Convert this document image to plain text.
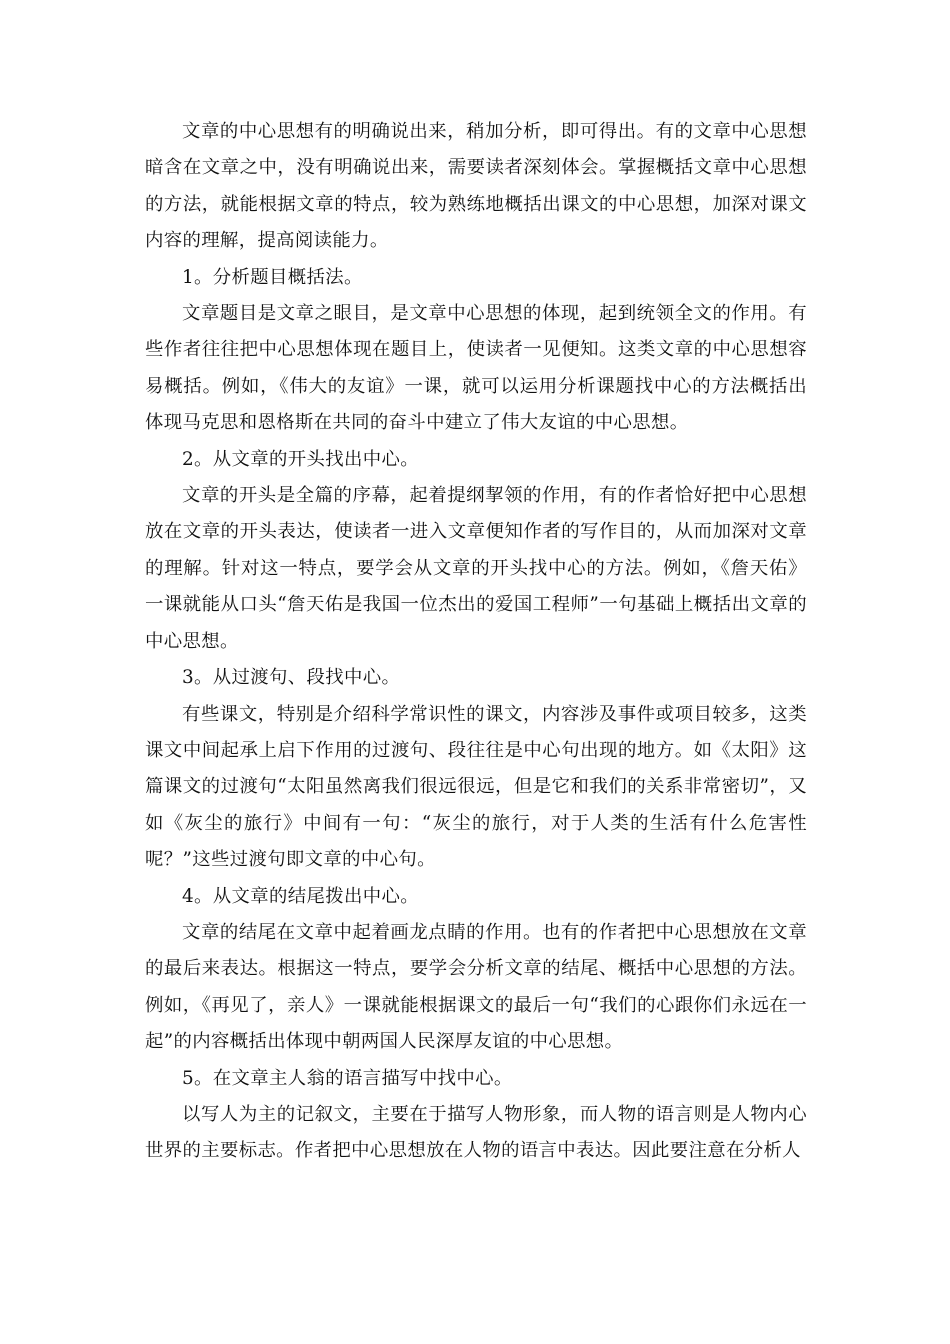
文章的中心思想有的明确说出来，稍加分析，即可得出。有的文章中心思想暗含在文章之中，没有明确说出来，需要读者深刻体会。掌握概括文章中心思想的方法，就能根据文章的特点，较为熟练地概括出课文的中心思想，加深对课文内容的理解，提高阅读能力。

1。分析题目概括法。

文章题目是文章之眼目，是文章中心思想的体现，起到统领全文的作用。有些作者往往把中心思想体现在题目上，使读者一见便知。这类文章的中心思想容易概括。例如，《伟大的友谊》一课，就可以运用分析课题找中心的方法概括出体现马克思和恩格斯在共同的奋斗中建立了伟大友谊的中心思想。

2。从文章的开头找出中心。

文章的开头是全篇的序幕，起着提纲挈领的作用，有的作者恰好把中心思想放在文章的开头表达，使读者一进入文章便知作者的写作目的，从而加深对文章的理解。针对这一特点，要学会从文章的开头找中心的方法。例如，《詹天佑》一课就能从口头“詹天佑是我国一位杰出的爱国工程师”一句基础上概括出文章的中心思想。

3。从过渡句、段找中心。

有些课文，特别是介绍科学常识性的课文，内容涉及事件或项目较多，这类课文中间起承上启下作用的过渡句、段往往是中心句出现的地方。如《太阳》这篇课文的过渡句“太阳虽然离我们很远很远，但是它和我们的关系非常密切”，又如《灰尘的旅行》中间有一句：“灰尘的旅行，对于人类的生活有什么危害性呢？”这些过渡句即文章的中心句。

4。从文章的结尾拨出中心。

文章的结尾在文章中起着画龙点睛的作用。也有的作者把中心思想放在文章的最后来表达。根据这一特点，要学会分析文章的结尾、概括中心思想的方法。例如，《再见了，亲人》一课就能根据课文的最后一句“我们的心跟你们永远在一起”的内容概括出体现中朝两国人民深厚友谊的中心思想。

5。在文章主人翁的语言描写中找中心。

以写人为主的记叙文，主要在于描写人物形象，而人物的语言则是人物内心世界的主要标志。作者把中心思想放在人物的语言中表达。因此要注意在分析人
